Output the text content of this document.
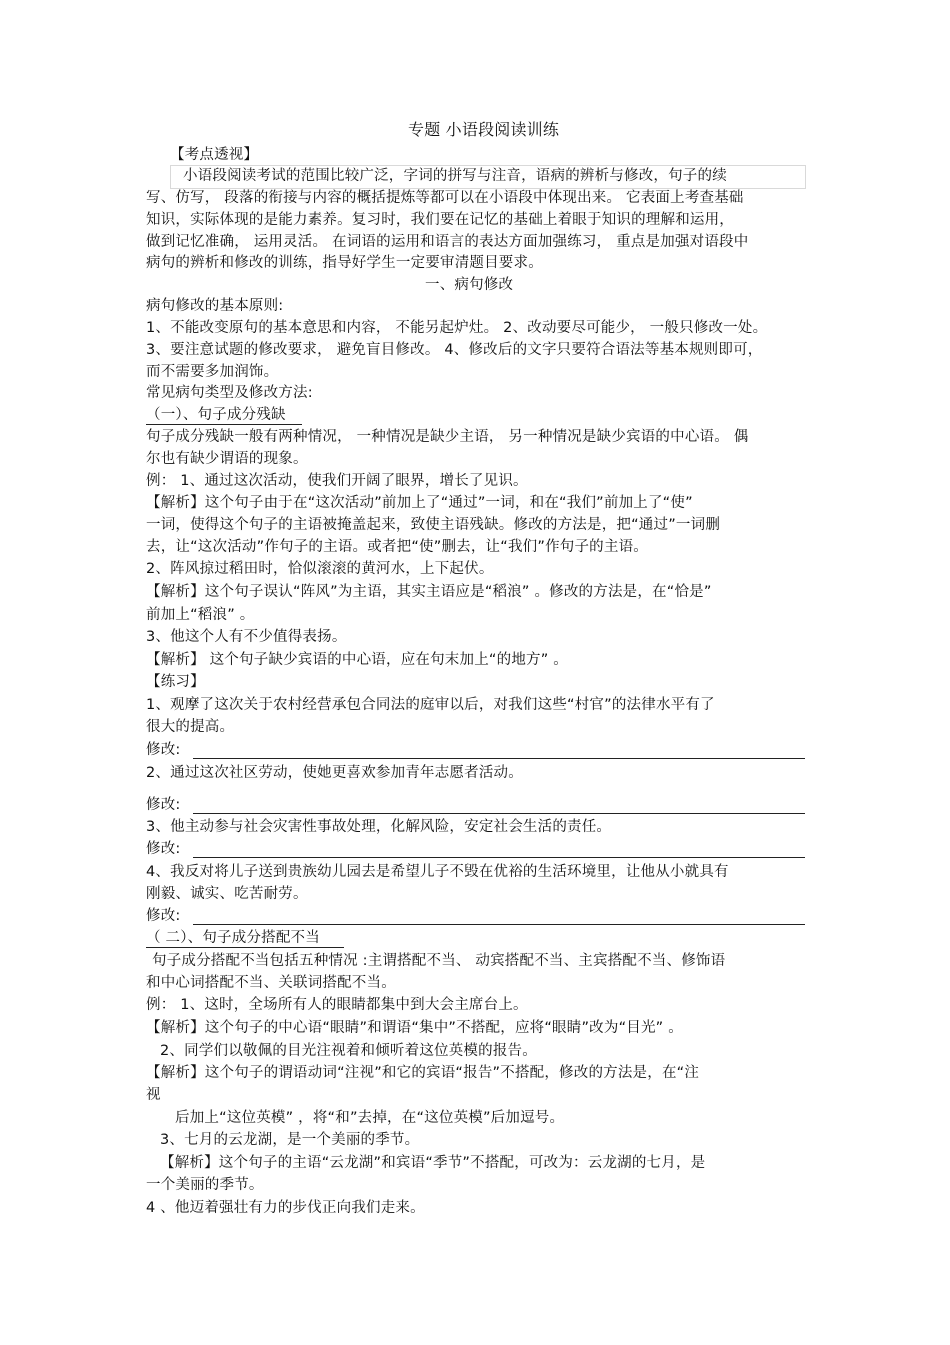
专题 小语段阅读训练
【考点透视】
小语段阅读考试的范围比较广泛，字词的拼写与注音，语病的辨析与修改，句子的续
写、仿写， 段落的衔接与内容的概括提炼等都可以在小语段中体现出来。 它表面上考查基础
知识，实际体现的是能力素养。复习时，我们要在记忆的基础上着眼于知识的理解和运用，
做到记忆准确， 运用灵活。 在词语的运用和语言的表达方面加强练习， 重点是加强对语段中
病句的辨析和修改的训练，指导好学生一定要审清题目要求。
一、病句修改
病句修改的基本原则:
1、不能改变原句的基本意思和内容， 不能另起炉灶。 2、改动要尽可能少， 一般只修改一处。
3、要注意试题的修改要求， 避免盲目修改。 4、修改后的文字只要符合语法等基本规则即可，
而不需要多加润饰。
常见病句类型及修改方法:
（一）、句子成分残缺
句子成分残缺一般有两种情况， 一种情况是缺少主语， 另一种情况是缺少宾语的中心语。 偶
尔也有缺少谓语的现象。
例： 1、通过这次活动，使我们开阔了眼界，增长了见识。
【解析】这个句子由于在“这次活动”前加上了“通过”一词，和在“我们”前加上了“使”
一词，使得这个句子的主语被掩盖起来，致使主语残缺。修改的方法是，把“通过”一词删
去，让“这次活动”作句子的主语。或者把“使”删去，让“我们”作句子的主语。
2、阵风掠过稻田时，恰似滚滚的黄河水，上下起伏。
【解析】这个句子误认“阵风”为主语，其实主语应是“稻浪” 。修改的方法是，在“恰是”
前加上“稻浪” 。
3、他这个人有不少值得表扬。
【解析】 这个句子缺少宾语的中心语，应在句末加上“的地方” 。
【练习】
1、观摩了这次关于农村经营承包合同法的庭审以后，对我们这些“村官”的法律水平有了
很大的提高。
修改:
2、通过这次社区劳动，使她更喜欢参加青年志愿者活动。
修改:
3、他主动参与社会灾害性事故处理，化解风险，安定社会生活的责任。
修改:
4、我反对将儿子送到贵族幼儿园去是希望儿子不毁在优裕的生活环境里，让他从小就具有
刚毅、诚实、吃苦耐劳。
修改:
（ 二）、句子成分搭配不当
句子成分搭配不当包括五种情况 :主谓搭配不当、 动宾搭配不当、主宾搭配不当、修饰语
和中心词搭配不当、关联词搭配不当。
例： 1、这时，全场所有人的眼睛都集中到大会主席台上。
【解析】这个句子的中心语“眼睛”和谓语“集中”不搭配，应将“眼睛”改为“目光” 。
2、同学们以敬佩的目光注视着和倾听着这位英模的报告。
【解析】这个句子的谓语动词“注视”和它的宾语“报告”不搭配，修改的方法是，在“注
视
后加上“这位英模” ，将“和”去掉，在“这位英模”后加逗号。
3、七月的云龙湖，是一个美丽的季节。
【解析】这个句子的主语“云龙湖”和宾语“季节”不搭配，可改为：云龙湖的七月，是
一个美丽的季节。
4 、他迈着强壮有力的步伐正向我们走来。
